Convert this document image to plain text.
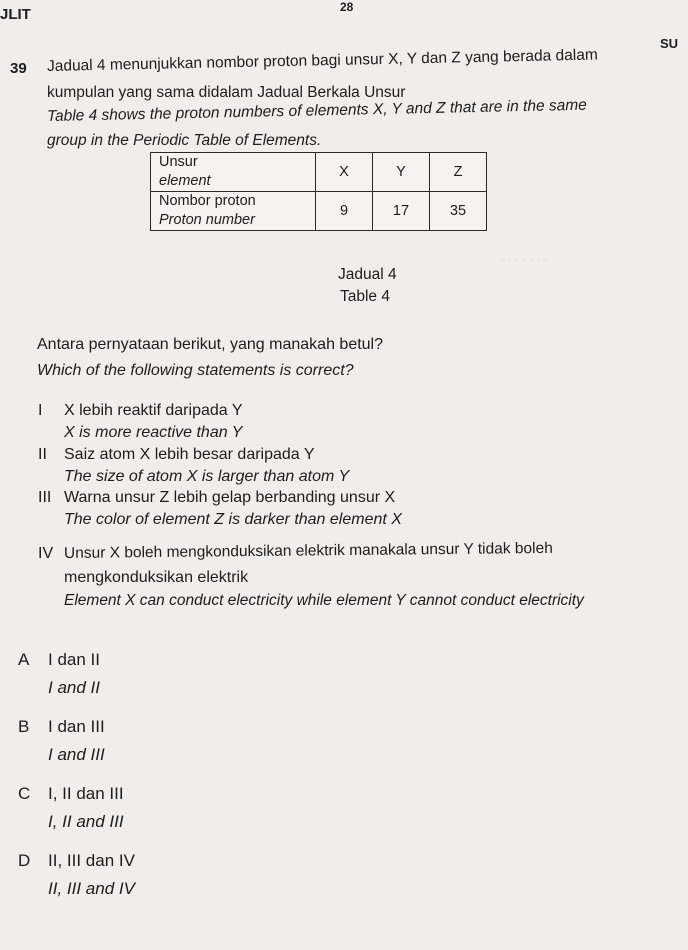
JLIT	28
SU
· · · · · · ·
39 Jadual 4 menunjukkan nombor proton bagi unsur X, Y dan Z yang berada dalam
kumpulan yang sama didalam Jadual Berkala Unsur
Table 4 shows the proton numbers of elements X, Y and Z that are in the same
group in the Periodic Table of Elements.
Unsur
element	X	Y	Z
Nombor proton
Proton number	9	17	35
Jadual 4
Table 4
Antara pernyataan berikut, yang manakah betul?
Which of the following statements is correct?
I X lebih reaktif daripada Y
X is more reactive than Y
II Saiz atom X lebih besar daripada Y
The size of atom X is larger than atom Y
III Warna unsur Z lebih gelap berbanding unsur X
The color of element Z is darker than element X
IV Unsur X boleh mengkonduksikan elektrik manakala unsur Y tidak boleh
mengkonduksikan elektrik
Element X can conduct electricity while element Y cannot conduct electricity
A I dan II
I and II
B I dan III
I and III
C I, II dan III
I, II and III
D II, III dan IV
II, III and IV
